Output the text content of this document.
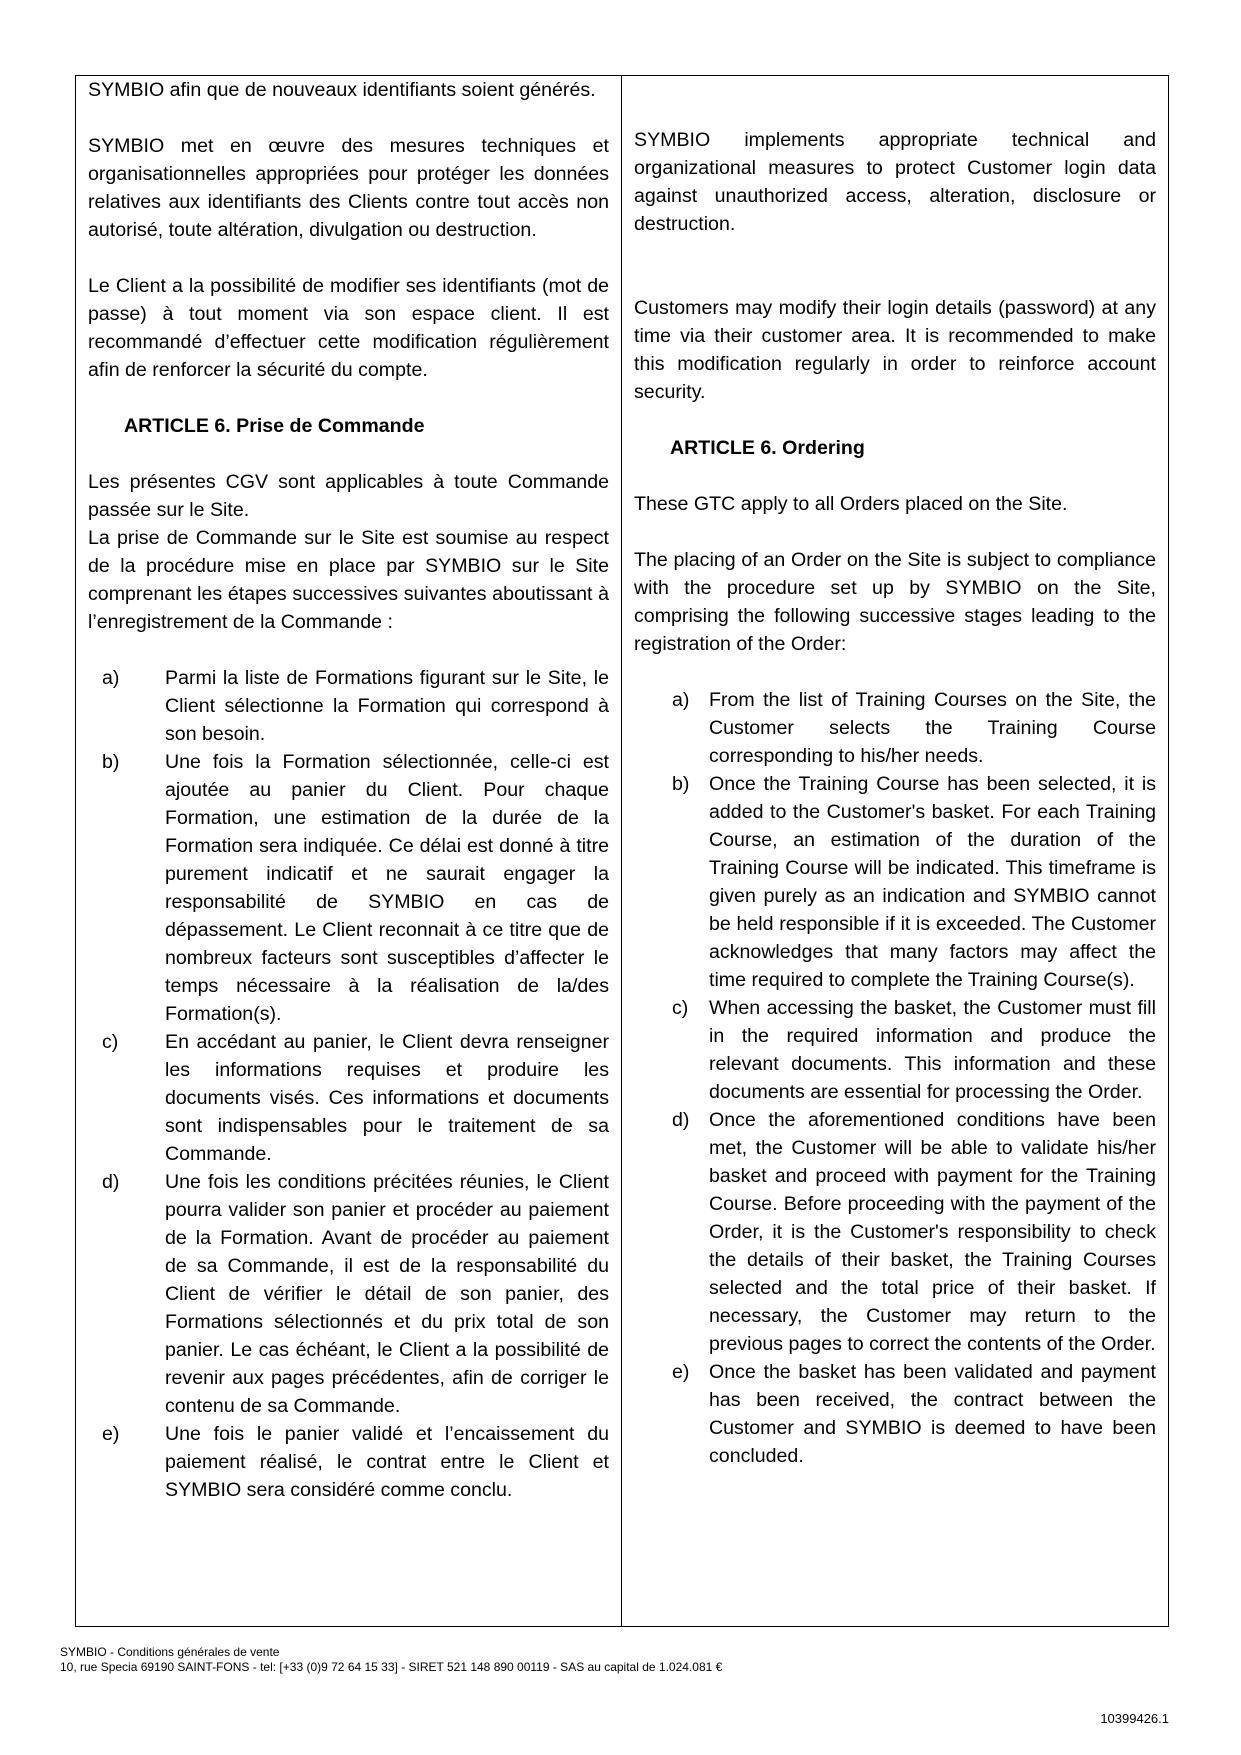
SYMBIO afin que de nouveaux identifiants soient générés.

SYMBIO met en œuvre des mesures techniques et organisationnelles appropriées pour protéger les données relatives aux identifiants des Clients contre tout accès non autorisé, toute altération, divulgation ou destruction.

Le Client a la possibilité de modifier ses identifiants (mot de passe) à tout moment via son espace client. Il est recommandé d’effectuer cette modification régulièrement afin de renforcer la sécurité du compte.

ARTICLE 6. Prise de Commande

Les présentes CGV sont applicables à toute Commande passée sur le Site.

La prise de Commande sur le Site est soumise au respect de la procédure mise en place par SYMBIO sur le Site comprenant les étapes successives suivantes aboutissant à l’enregistrement de la Commande :

a) Parmi la liste de Formations figurant sur le Site, le Client sélectionne la Formation qui correspond à son besoin.
b) Une fois la Formation sélectionnée, celle-ci est ajoutée au panier du Client. Pour chaque Formation, une estimation de la durée de la Formation sera indiquée. Ce délai est donné à titre purement indicatif et ne saurait engager la responsabilité de SYMBIO en cas de dépassement. Le Client reconnait à ce titre que de nombreux facteurs sont susceptibles d’affecter le temps nécessaire à la réalisation de la/des Formation(s).
c) En accédant au panier, le Client devra renseigner les informations requises et produire les documents visés. Ces informations et documents sont indispensables pour le traitement de sa Commande.
d) Une fois les conditions précitées réunies, le Client pourra valider son panier et procéder au paiement de la Formation. Avant de procéder au paiement de sa Commande, il est de la responsabilité du Client de vérifier le détail de son panier, des Formations sélectionnés et du prix total de son panier. Le cas échéant, le Client a la possibilité de revenir aux pages précédentes, afin de corriger le contenu de sa Commande.
e) Une fois le panier validé et l’encaissement du paiement réalisé, le contrat entre le Client et SYMBIO sera considéré comme conclu.

SYMBIO implements appropriate technical and organizational measures to protect Customer login data against unauthorized access, alteration, disclosure or destruction.

Customers may modify their login details (password) at any time via their customer area. It is recommended to make this modification regularly in order to reinforce account security.

ARTICLE 6. Ordering

These GTC apply to all Orders placed on the Site.

The placing of an Order on the Site is subject to compliance with the procedure set up by SYMBIO on the Site, comprising the following successive stages leading to the registration of the Order:

a) From the list of Training Courses on the Site, the Customer selects the Training Course corresponding to his/her needs.
b) Once the Training Course has been selected, it is added to the Customer's basket. For each Training Course, an estimation of the duration of the Training Course will be indicated. This timeframe is given purely as an indication and SYMBIO cannot be held responsible if it is exceeded. The Customer acknowledges that many factors may affect the time required to complete the Training Course(s).
c) When accessing the basket, the Customer must fill in the required information and produce the relevant documents. This information and these documents are essential for processing the Order.
d) Once the aforementioned conditions have been met, the Customer will be able to validate his/her basket and proceed with payment for the Training Course. Before proceeding with the payment of the Order, it is the Customer's responsibility to check the details of their basket, the Training Courses selected and the total price of their basket. If necessary, the Customer may return to the previous pages to correct the contents of the Order.
e) Once the basket has been validated and payment has been received, the contract between the Customer and SYMBIO is deemed to have been concluded.
SYMBIO - Conditions générales de vente
10, rue Specia 69190 SAINT-FONS - tel: [+33 (0)9 72 64 15 33] - SIRET 521 148 890 00119 - SAS au capital de 1.024.081 €
10399426.1
